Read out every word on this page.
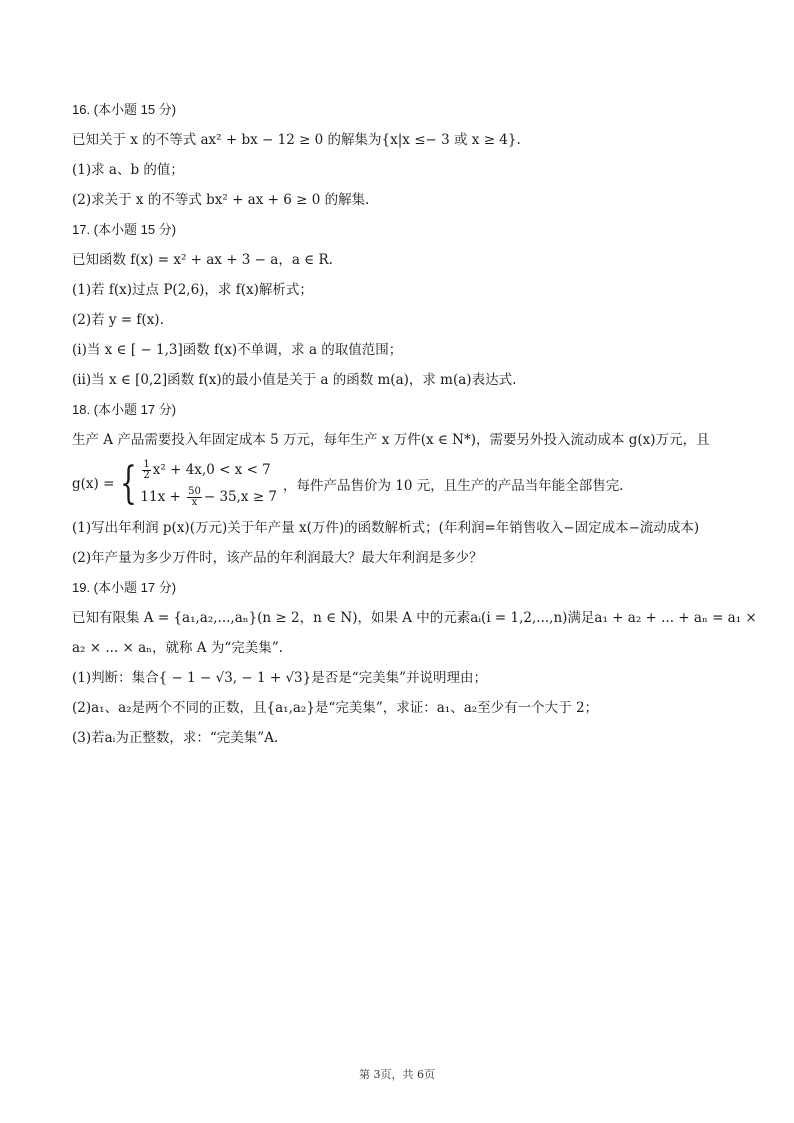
16. (本小题 15 分)
已知关于 x 的不等式 ax² + bx − 12 ≥ 0 的解集为{x|x ≤− 3 或 x ≥ 4}.
(1)求 a、b 的值；
(2)求关于 x 的不等式 bx² + ax + 6 ≥ 0 的解集.
17. (本小题 15 分)
已知函数 f(x) = x² + ax + 3 − a，a ∈ R.
(1)若 f(x)过点 P(2,6)，求 f(x)解析式；
(2)若 y = f(x).
(ⅰ)当 x ∈ [ − 1,3]函数 f(x)不单调，求 a 的取值范围；
(ⅱ)当 x ∈ [0,2]函数 f(x)的最小值是关于 a 的函数 m(a)，求 m(a)表达式.
18. (本小题 17 分)
生产 A 产品需要投入年固定成本 5 万元，每年生产 x 万件(x ∈ N*)，需要另外投入流动成本 g(x)万元，且
g(x) = { $\frac{1}{2} x^2 + 4x,0 < x < 7$
$11x + \frac{50}{x} - 35,x \ge 7$
，每件产品售价为 10 元，且生产的产品当年能全部售完.
(1)写出年利润 p(x)(万元)关于年产量 x(万件)的函数解析式；(年利润=年销售收入−固定成本−流动成本)
(2)年产量为多少万件时，该产品的年利润最大？最大年利润是多少？
19. (本小题 17 分)
已知有限集 A = {a₁,a₂,...,aₙ}(n ≥ 2，n ∈ N)，如果 A 中的元素aᵢ(i = 1,2,...,n)满足a₁ + a₂ + ... + aₙ = a₁ ×
a₂ × ... × aₙ，就称 A 为“完美集”.
(1)判断：集合{ − 1 − √3, − 1 + √3}是否是“完美集”并说明理由；
(2)a₁、a₂是两个不同的正数，且{a₁,a₂}是“完美集”，求证：a₁、a₂至少有一个大于 2；
(3)若aᵢ为正整数，求：“完美集”A.
第 3页，共 6页
